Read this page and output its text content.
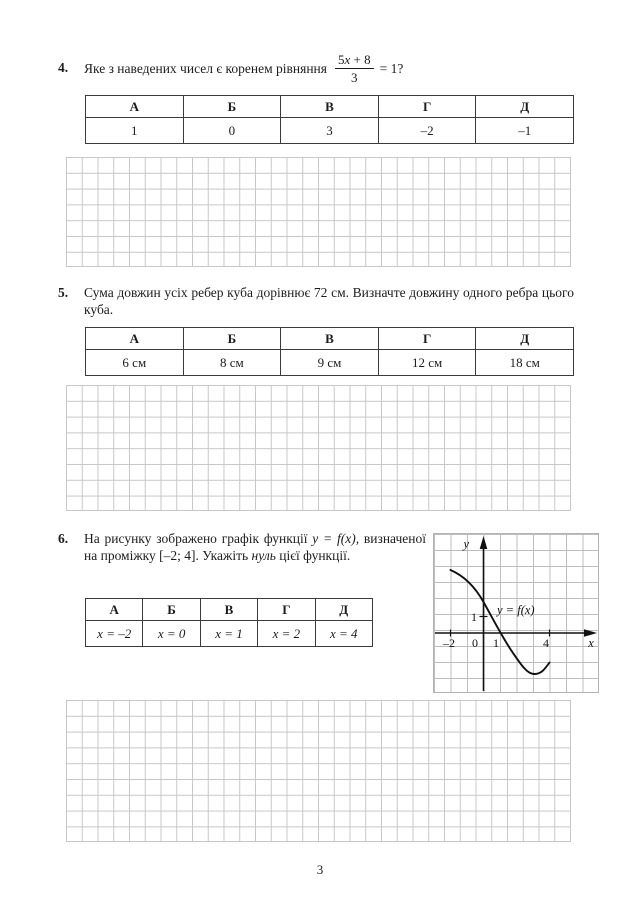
4. Яке з наведених чисел є коренем рівняння $\frac{5x + 8}{3} = 1$?
А	Б	В	Г	Д
1	0	3	–2	–1
5. Сума довжин усіх ребер куба дорівнює 72 см. Визначте довжину одного ребра цього куба.
А	Б	В	Г	Д
6 см	8 см	9 см	12 см	18 см
6. На рисунку зображено графік функції y = f(x), визначеної на проміжку [–2; 4]. Укажіть нуль цієї функції.
y
x
–2 0 1	4
1 y = f(x)
А	Б	В	Г	Д
x = –2	x = 0	x = 1	x = 2	x = 4
3
